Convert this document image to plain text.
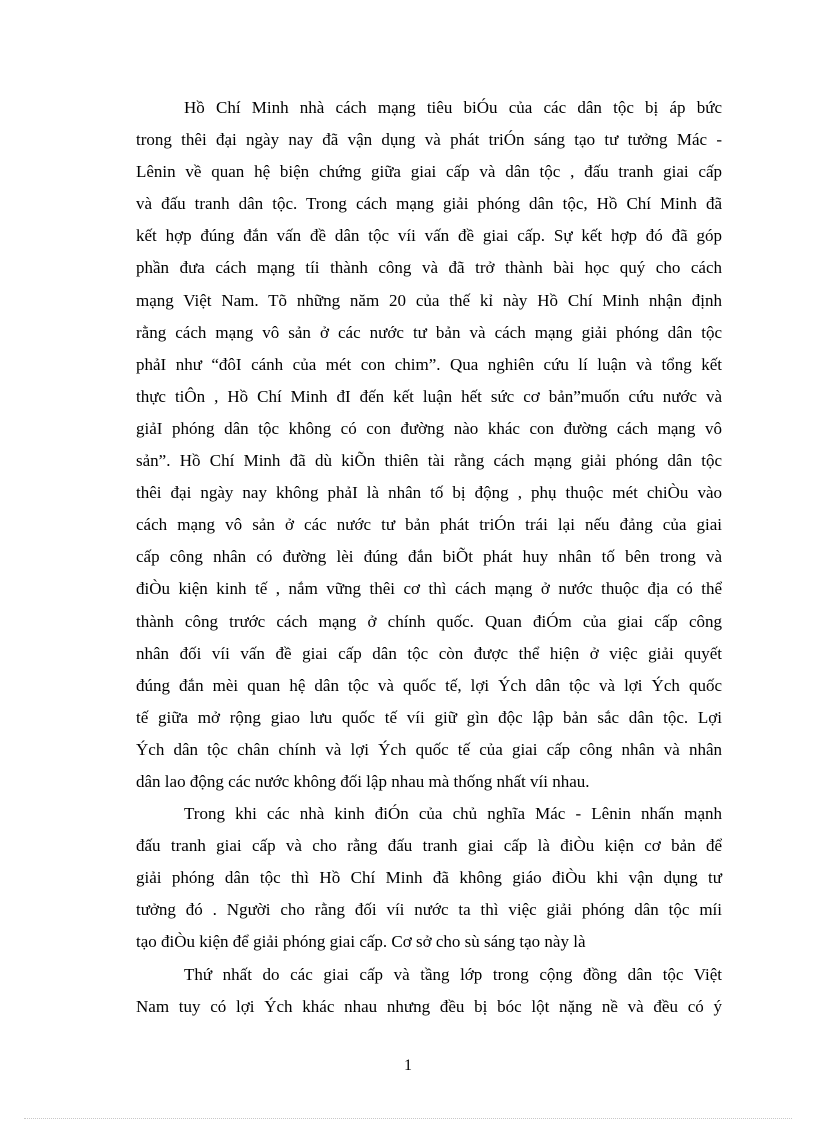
Hồ Chí Minh nhà cách mạng tiêu biÓu của các dân tộc bị áp bức
trong thêi đại ngày nay đã vận dụng và phát triÓn sáng tạo tư tưởng Mác -
Lênin về quan hệ biện chứng giữa giai cấp và dân tộc , đấu tranh giai cấp
và đấu tranh dân tộc. Trong cách mạng giải phóng dân tộc, Hồ Chí Minh đã
kết hợp đúng đắn vấn đề dân tộc víi vấn đề giai cấp. Sự kết hợp đó đã góp
phần đưa cách mạng tíi thành công và đã trở thành bài học quý cho cách
mạng Việt Nam. Tõ những năm 20 của thế kỉ này Hồ Chí Minh nhận định
rằng cách mạng vô sản ở các nước tư bản và cách mạng giải phóng dân tộc
phảI như “đôI cánh của mét con chim”. Qua nghiên cứu lí luận và tổng kết
thực tiÔn , Hồ Chí Minh đI đến kết luận hết sức cơ bản”muốn cứu nước và
giảI phóng dân tộc không có con đường nào khác con đường cách mạng vô
sản”. Hồ Chí Minh đã dù kiÕn thiên tài rằng cách mạng giải phóng dân tộc
thêi đại ngày nay không phảI là nhân tố bị động , phụ thuộc mét chiÒu vào
cách mạng vô sản ở các nước tư bản phát triÓn trái lại nếu đảng của giai
cấp công nhân có đường lèi đúng đắn biÕt phát huy nhân tố bên trong và
điÒu kiện kinh tế , nắm vững thêi cơ thì cách mạng ở nước thuộc địa có thể
thành công trước cách mạng ở chính quốc. Quan điÓm của giai cấp công
nhân đối víi vấn đề giai cấp dân tộc còn được thể hiện ở việc giải quyết
đúng đắn mèi quan hệ dân tộc và quốc tế, lợi Ých dân tộc và lợi Ých quốc
tế giữa mở rộng giao lưu quốc tế víi giữ gìn độc lập bản sắc dân tộc. Lợi
Ých dân tộc chân chính và lợi Ých quốc tế của giai cấp công nhân và nhân
dân lao động các nước không đối lập nhau mà thống nhất víi nhau.
Trong khi các nhà kinh điÓn của chủ nghĩa Mác - Lênin nhấn mạnh
đấu tranh giai cấp và cho rằng đấu tranh giai cấp là điÒu kiện cơ bản để
giải phóng dân tộc thì Hồ Chí Minh đã không giáo điÒu khi vận dụng tư
tưởng đó . Người cho rằng đối víi nước ta thì việc giải phóng dân tộc míi
tạo điÒu kiện để giải phóng giai cấp. Cơ sở cho sù sáng tạo này là
Thứ nhất do các giai cấp và tầng lớp trong cộng đồng dân tộc Việt
Nam tuy có lợi Ých khác nhau nhưng đều bị bóc lột nặng nề và đều có ý
1
